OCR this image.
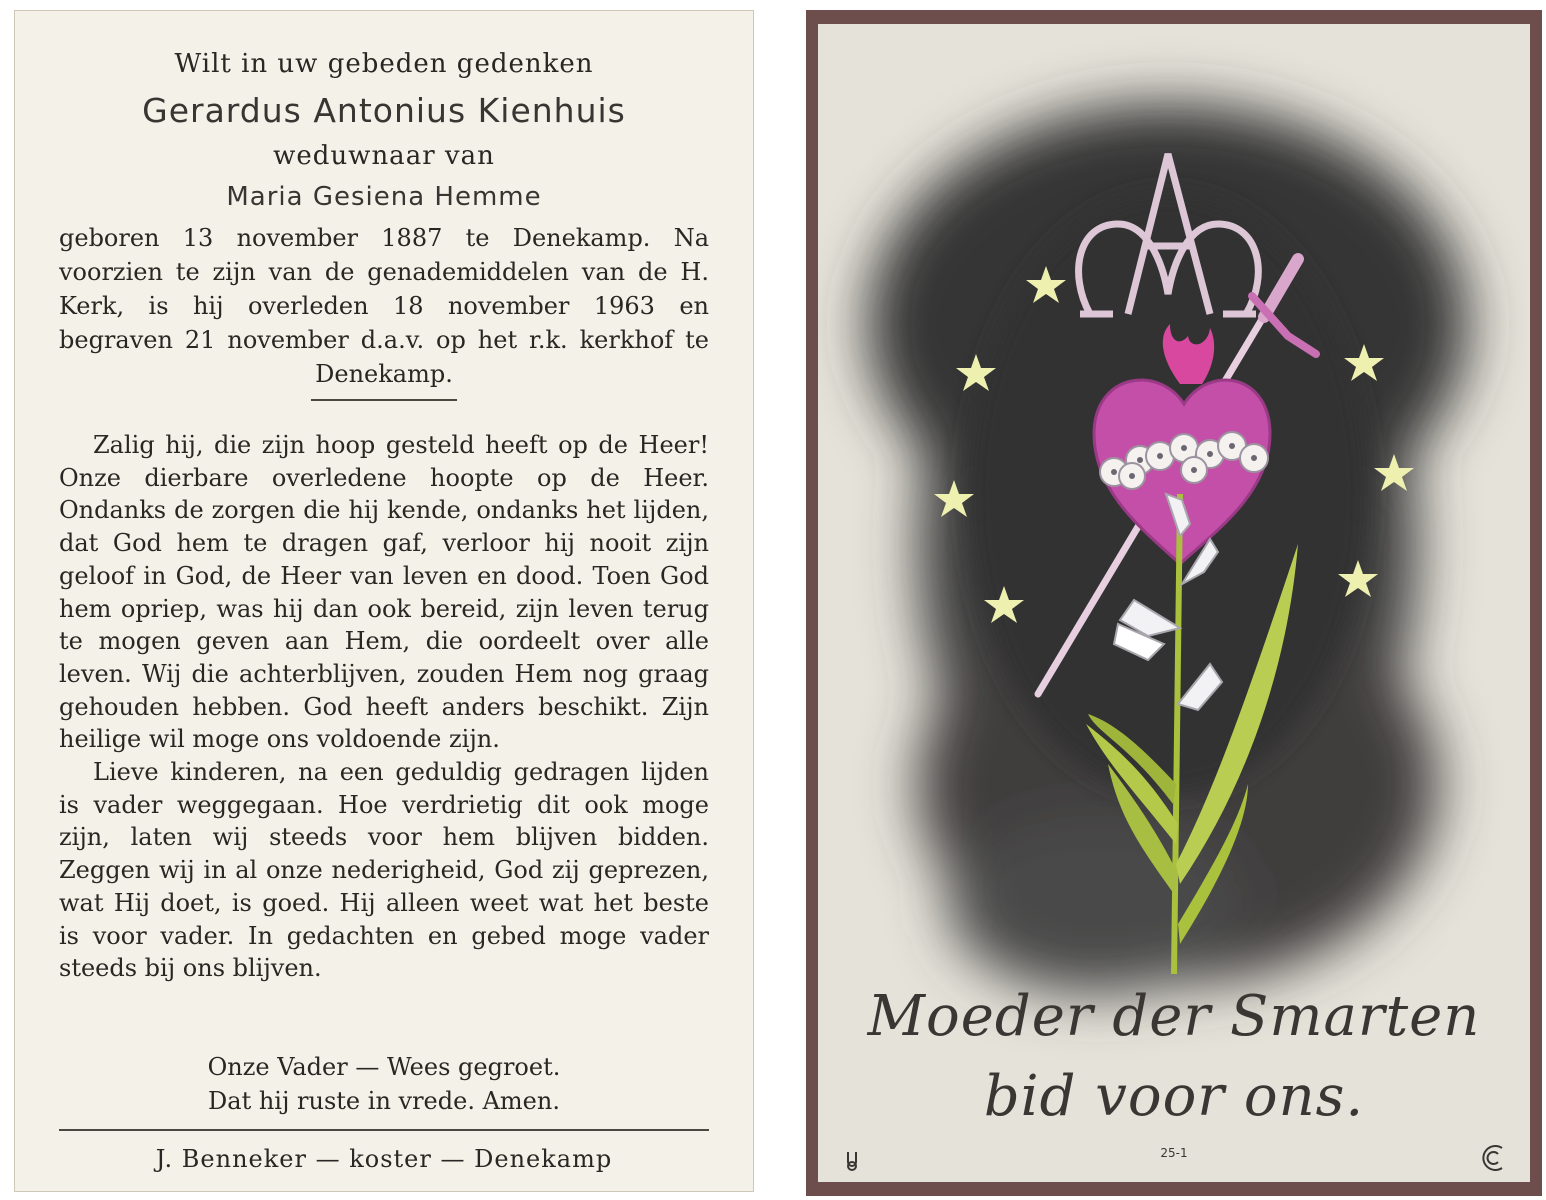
Wilt in uw gebeden gedenken
Gerardus Antonius Kienhuis
weduwnaar van
Maria Gesiena Hemme
geboren 13 november 1887 te Denekamp. Na voorzien te zijn van de genademiddelen van de H. Kerk, is hij overleden 18 november 1963 en begraven 21 november d.a.v. op het r.k. kerkhof te Denekamp.

Zalig hij, die zijn hoop gesteld heeft op de Heer! Onze dierbare overledene hoopte op de Heer. Ondanks de zorgen die hij kende, ondanks het lijden, dat God hem te dragen gaf, verloor hij nooit zijn geloof in God, de Heer van leven en dood. Toen God hem opriep, was hij dan ook bereid, zijn leven terug te mogen geven aan Hem, die oordeelt over alle leven. Wij die achterblijven, zouden Hem nog graag gehouden hebben. God heeft anders beschikt. Zijn heilige wil moge ons voldoende zijn.

Lieve kinderen, na een geduldig gedragen lijden is vader weggegaan. Hoe verdrietig dit ook moge zijn, laten wij steeds voor hem blijven bidden. Zeggen wij in al onze nederigheid, God zij geprezen, wat Hij doet, is goed. Hij alleen weet wat het beste is voor vader. In gedachten en gebed moge vader steeds bij ons blijven.

Onze Vader — Wees gegroet.
Dat hij ruste in vrede. Amen.
J. Benneker — koster — Denekamp
Moeder der Smarten
bid voor ons.
25-1
